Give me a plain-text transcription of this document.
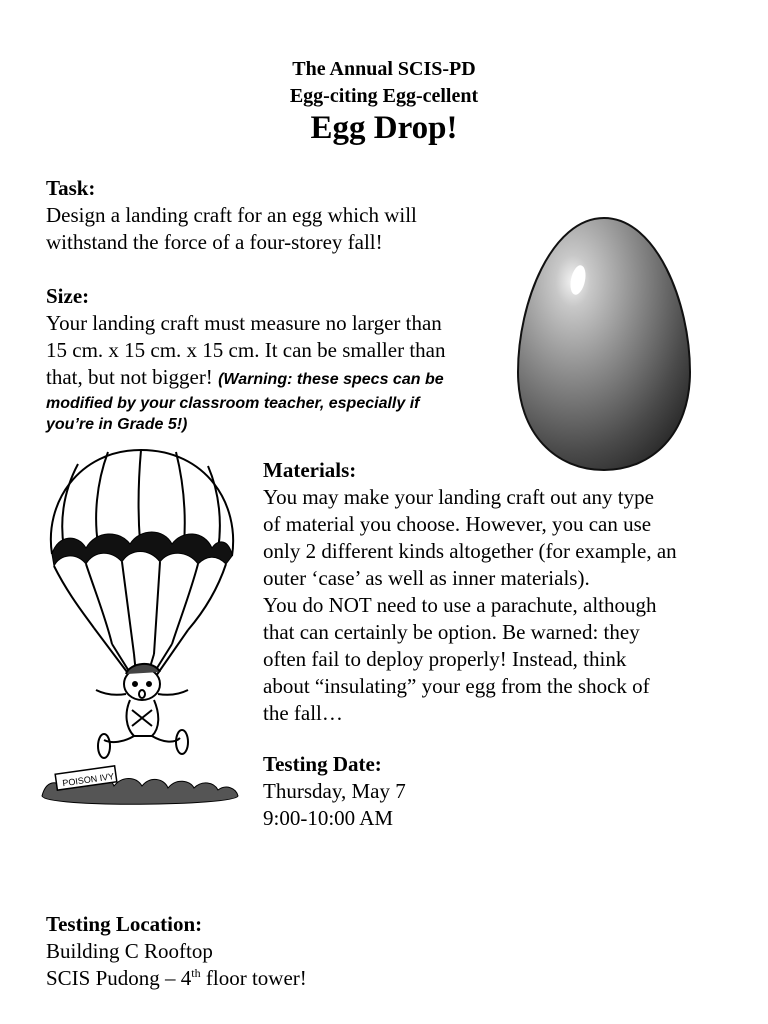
The Annual SCIS-PD
Egg-citing Egg-cellent
Egg Drop!
Task:
Design a landing craft for an egg which will
withstand the force of a four-storey fall!
Size:
Your landing craft must measure no larger than
15 cm. x 15 cm. x 15 cm. It can be smaller than
that, but not bigger! (Warning: these specs can be
modified by your classroom teacher, especially if
you’re in Grade 5!)
POISON IVY
Materials:
You may make your landing craft out any type
of material you choose. However, you can use
only 2 different kinds altogether (for example, an
outer ‘case’ as well as inner materials).
You do NOT need to use a parachute, although
that can certainly be option. Be warned: they
often fail to deploy properly! Instead, think
about “insulating” your egg from the shock of
the fall…
Testing Date:
Thursday, May 7
9:00-10:00 AM
Testing Location:
Building C Rooftop
SCIS Pudong – 4th floor tower!
